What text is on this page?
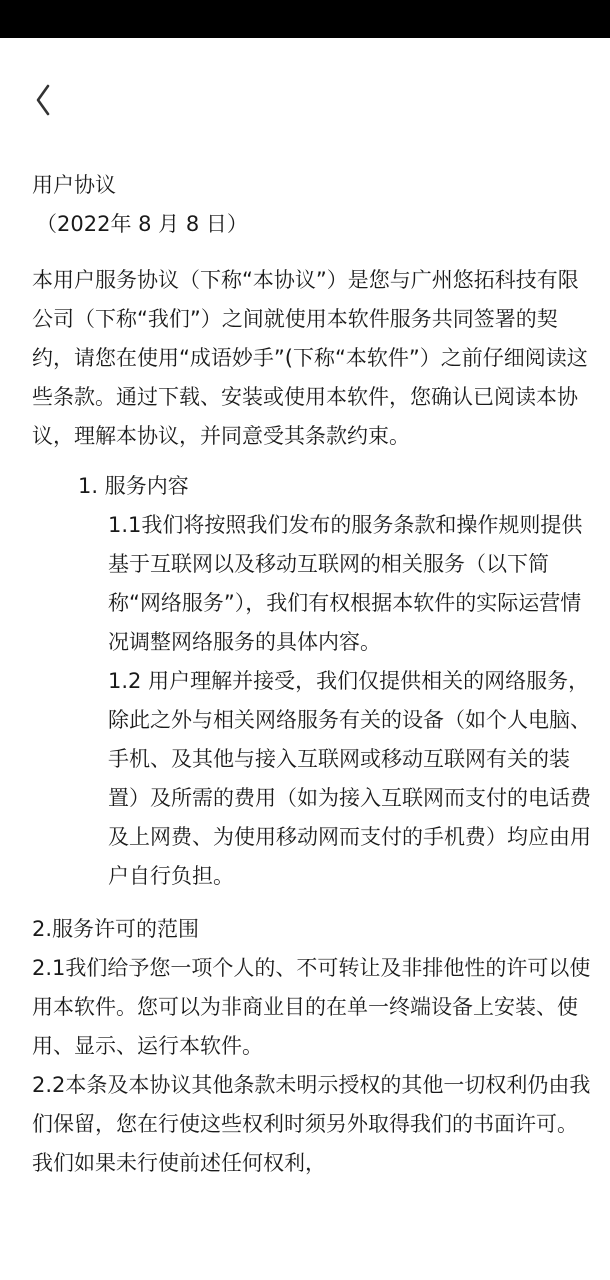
用户协议
（2022年 8 月 8 日）
本用户服务协议（下称“本协议”）是您与广州悠拓科技有限公司（下称“我们”）之间就使用本软件服务共同签署的契约，请您在使用“成语妙手”(下称“本软件”）之前仔细阅读这些条款。通过下载、安装或使用本软件，您确认已阅读本协议，理解本协议，并同意受其条款约束。
1. 服务内容
1.1我们将按照我们发布的服务条款和操作规则提供基于互联网以及移动互联网的相关服务（以下简称“网络服务”），我们有权根据本软件的实际运营情况调整网络服务的具体内容。
1.2 用户理解并接受，我们仅提供相关的网络服务，除此之外与相关网络服务有关的设备（如个人电脑、手机、及其他与接入互联网或移动互联网有关的装置）及所需的费用（如为接入互联网而支付的电话费及上网费、为使用移动网而支付的手机费）均应由用户自行负担。
2.服务许可的范围
2.1我们给予您一项个人的、不可转让及非排他性的许可以使用本软件。您可以为非商业目的在单一终端设备上安装、使用、显示、运行本软件。
2.2本条及本协议其他条款未明示授权的其他一切权利仍由我们保留，您在行使这些权利时须另外取得我们的书面许可。我们如果未行使前述任何权利，
